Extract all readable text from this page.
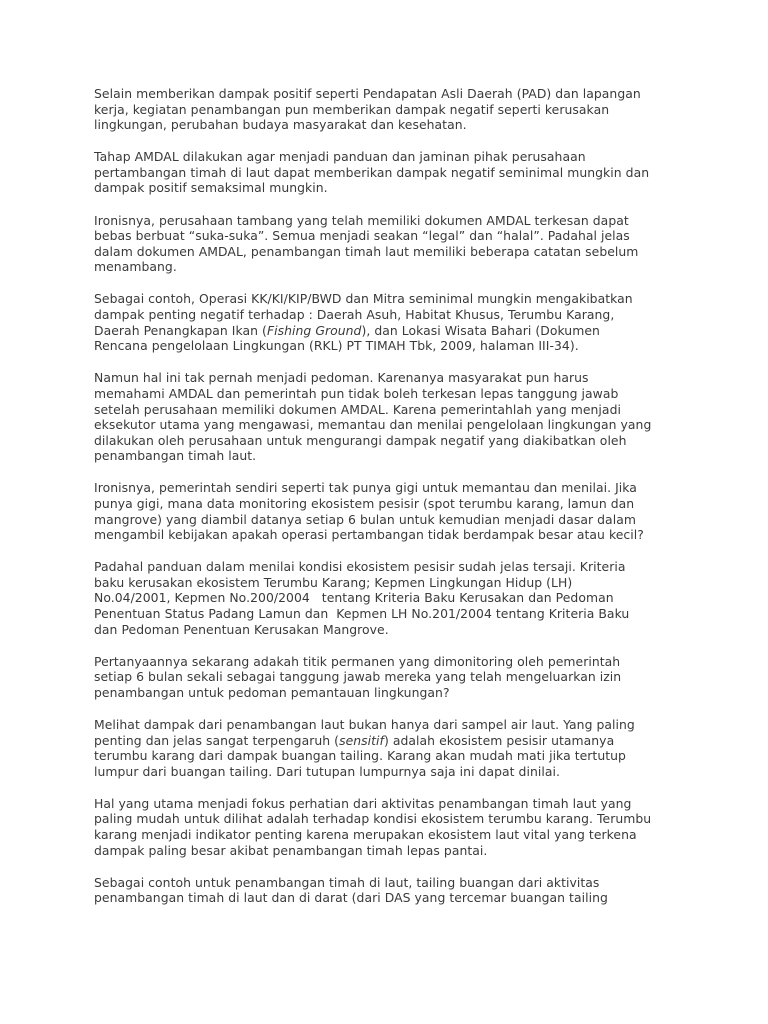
Selain memberikan dampak positif seperti Pendapatan Asli Daerah (PAD) dan lapangan
kerja, kegiatan penambangan pun memberikan dampak negatif seperti kerusakan
lingkungan, perubahan budaya masyarakat dan kesehatan.

Tahap AMDAL dilakukan agar menjadi panduan dan jaminan pihak perusahaan
pertambangan timah di laut dapat memberikan dampak negatif seminimal mungkin dan
dampak positif semaksimal mungkin.

Ironisnya, perusahaan tambang yang telah memiliki dokumen AMDAL terkesan dapat
bebas berbuat “suka-suka”. Semua menjadi seakan “legal” dan “halal”. Padahal jelas
dalam dokumen AMDAL, penambangan timah laut memiliki beberapa catatan sebelum
menambang.

Sebagai contoh, Operasi KK/KI/KIP/BWD dan Mitra seminimal mungkin mengakibatkan
dampak penting negatif terhadap : Daerah Asuh, Habitat Khusus, Terumbu Karang,
Daerah Penangkapan Ikan (Fishing Ground), dan Lokasi Wisata Bahari (Dokumen
Rencana pengelolaan Lingkungan (RKL) PT TIMAH Tbk, 2009, halaman III-34).

Namun hal ini tak pernah menjadi pedoman. Karenanya masyarakat pun harus
memahami AMDAL dan pemerintah pun tidak boleh terkesan lepas tanggung jawab
setelah perusahaan memiliki dokumen AMDAL. Karena pemerintahlah yang menjadi
eksekutor utama yang mengawasi, memantau dan menilai pengelolaan lingkungan yang
dilakukan oleh perusahaan untuk mengurangi dampak negatif yang diakibatkan oleh
penambangan timah laut.

Ironisnya, pemerintah sendiri seperti tak punya gigi untuk memantau dan menilai. Jika
punya gigi, mana data monitoring ekosistem pesisir (spot terumbu karang, lamun dan
mangrove) yang diambil datanya setiap 6 bulan untuk kemudian menjadi dasar dalam
mengambil kebijakan apakah operasi pertambangan tidak berdampak besar atau kecil?

Padahal panduan dalam menilai kondisi ekosistem pesisir sudah jelas tersaji. Kriteria
baku kerusakan ekosistem Terumbu Karang; Kepmen Lingkungan Hidup (LH)
No.04/2001, Kepmen No.200/2004   tentang Kriteria Baku Kerusakan dan Pedoman
Penentuan Status Padang Lamun dan  Kepmen LH No.201/2004 tentang Kriteria Baku
dan Pedoman Penentuan Kerusakan Mangrove.

Pertanyaannya sekarang adakah titik permanen yang dimonitoring oleh pemerintah
setiap 6 bulan sekali sebagai tanggung jawab mereka yang telah mengeluarkan izin
penambangan untuk pedoman pemantauan lingkungan?

Melihat dampak dari penambangan laut bukan hanya dari sampel air laut. Yang paling
penting dan jelas sangat terpengaruh (sensitif) adalah ekosistem pesisir utamanya
terumbu karang dari dampak buangan tailing. Karang akan mudah mati jika tertutup
lumpur dari buangan tailing. Dari tutupan lumpurnya saja ini dapat dinilai.

Hal yang utama menjadi fokus perhatian dari aktivitas penambangan timah laut yang
paling mudah untuk dilihat adalah terhadap kondisi ekosistem terumbu karang. Terumbu
karang menjadi indikator penting karena merupakan ekosistem laut vital yang terkena
dampak paling besar akibat penambangan timah lepas pantai.

Sebagai contoh untuk penambangan timah di laut, tailing buangan dari aktivitas
penambangan timah di laut dan di darat (dari DAS yang tercemar buangan tailing
